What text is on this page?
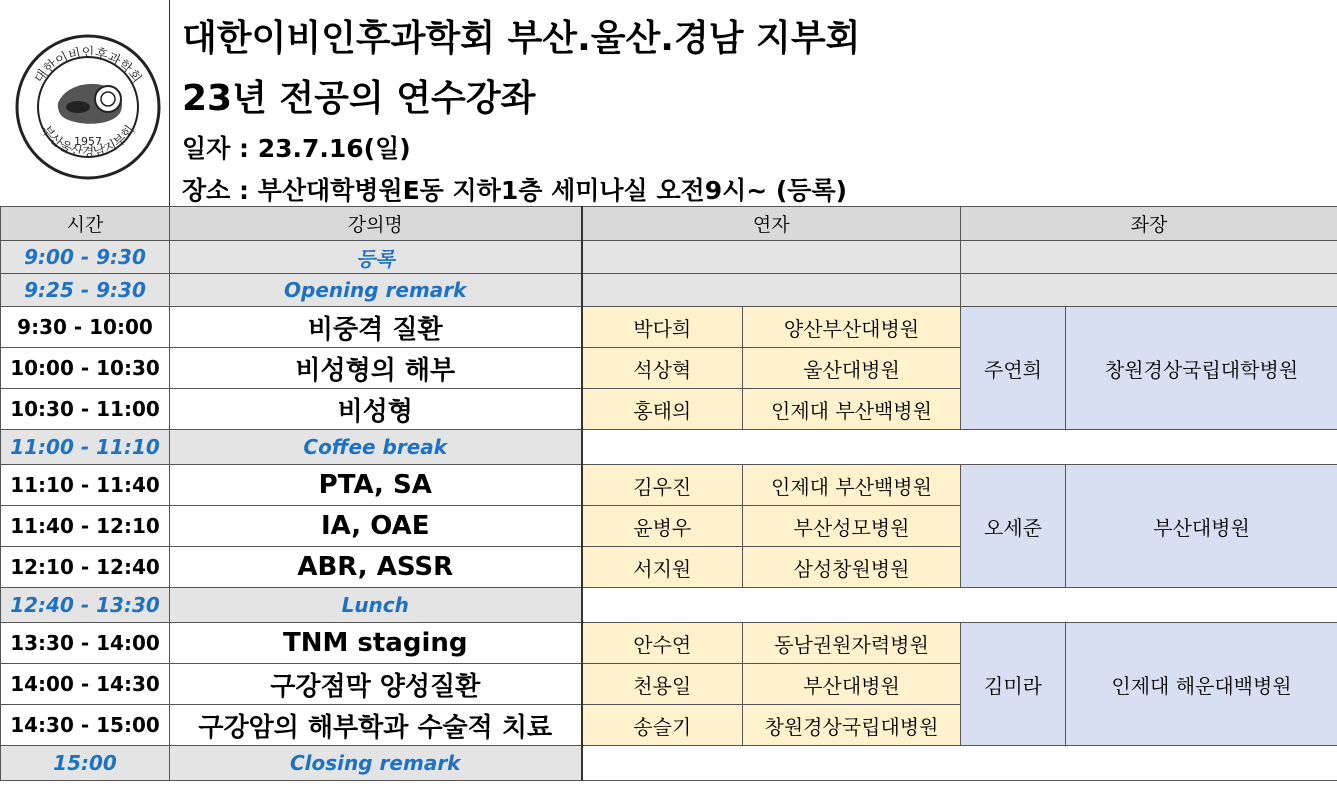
대한이비인후과학회
부산울산경남지부회
1957
대한이비인후과학회 부산.울산.경남 지부회
23년 전공의 연수강좌
일자 : 23.7.16(일)
장소 : 부산대학병원E동 지하1층 세미나실 오전9시~ (등록)
시간	강의명	연자		좌장	
9:00 - 9:30	등록				
9:25 - 9:30	Opening remark				
9:30 - 10:00	비중격 질환	박다희	양산부산대병원	주연희	창원경상국립대학병원
10:00 - 10:30	비성형의 해부	석상혁	울산대병원		
10:30 - 11:00	비성형	홍태의	인제대 부산백병원		
11:00 - 11:10	Coffee break				
11:10 - 11:40	PTA, SA	김우진	인제대 부산백병원	오세준	부산대병원
11:40 - 12:10	IA, OAE	윤병우	부산성모병원		
12:10 - 12:40	ABR, ASSR	서지원	삼성창원병원		
12:40 - 13:30	Lunch				
13:30 - 14:00	TNM staging	안수연	동남권원자력병원	김미라	인제대 해운대백병원
14:00 - 14:30	구강점막 양성질환	천용일	부산대병원		
14:30 - 15:00	구강암의 해부학과 수술적 치료	송슬기	창원경상국립대병원		
15:00	Closing remark				
